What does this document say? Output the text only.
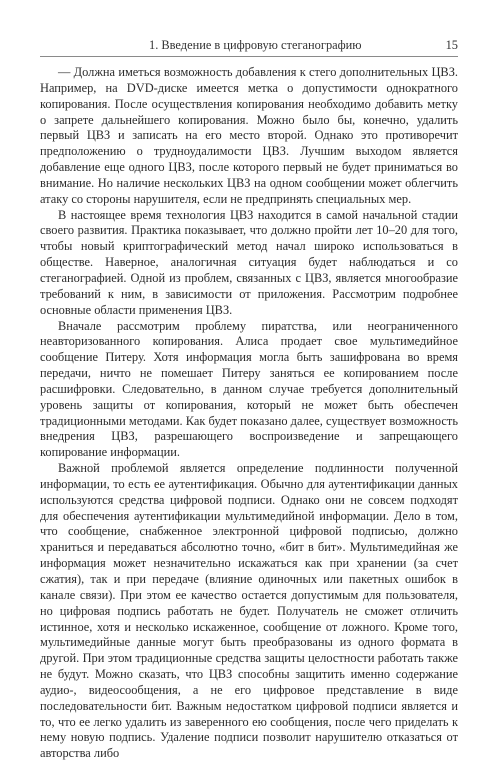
1. Введение в цифровую стеганографию	15

— Должна иметься возможность добавления к стего дополнительных ЦВЗ. Например, на DVD-диске имеется метка о допустимости однократного копирования. После осуществления копирования необходимо добавить метку о запрете дальнейшего копирования. Можно было бы, конечно, удалить первый ЦВЗ и записать на его место второй. Однако это противоречит предположению о трудноудалимости ЦВЗ. Лучшим выходом является добавление еще одного ЦВЗ, после которого первый не будет приниматься во внимание. Но наличие нескольких ЦВЗ на одном сообщении может облегчить атаку со стороны нарушителя, если не предпринять специальных мер.

В настоящее время технология ЦВЗ находится в самой начальной стадии своего развития. Практика показывает, что должно пройти лет 10–20 для того, чтобы новый криптографический метод начал широко использоваться в обществе. Наверное, аналогичная ситуация будет наблюдаться и со стеганографией. Одной из проблем, связанных с ЦВЗ, является многообразие требований к ним, в зависимости от приложения. Рассмотрим подробнее основные области применения ЦВЗ.

Вначале рассмотрим проблему пиратства, или неограниченного неавторизованного копирования. Алиса продает свое мультимедийное сообщение Питеру. Хотя информация могла быть зашифрована во время передачи, ничто не помешает Питеру заняться ее копированием после расшифровки. Следовательно, в данном случае требуется дополнительный уровень защиты от копирования, который не может быть обеспечен традиционными методами. Как будет показано далее, существует возможность внедрения ЦВЗ, разрешающего воспроизведение и запрещающего копирование информации.

Важной проблемой является определение подлинности полученной информации, то есть ее аутентификация. Обычно для аутентификации данных используются средства цифровой подписи. Однако они не совсем подходят для обеспечения аутентификации мультимедийной информации. Дело в том, что сообщение, снабженное электронной цифровой подписью, должно храниться и передаваться абсолютно точно, «бит в бит». Мультимедийная же информация может незначительно искажаться как при хранении (за счет сжатия), так и при передаче (влияние одиночных или пакетных ошибок в канале связи). При этом ее качество остается допустимым для пользователя, но цифровая подпись работать не будет. Получатель не сможет отличить истинное, хотя и несколько искаженное, сообщение от ложного. Кроме того, мультимедийные данные могут быть преобразованы из одного формата в другой. При этом традиционные средства защиты целостности работать также не будут. Можно сказать, что ЦВЗ способны защитить именно содержание аудио-, видеосообщения, а не его цифровое представление в виде последовательности бит. Важным недостатком цифровой подписи является и то, что ее легко удалить из заверенного ею сообщения, после чего приделать к нему новую подпись. Удаление подписи позволит нарушителю отказаться от авторства либо
